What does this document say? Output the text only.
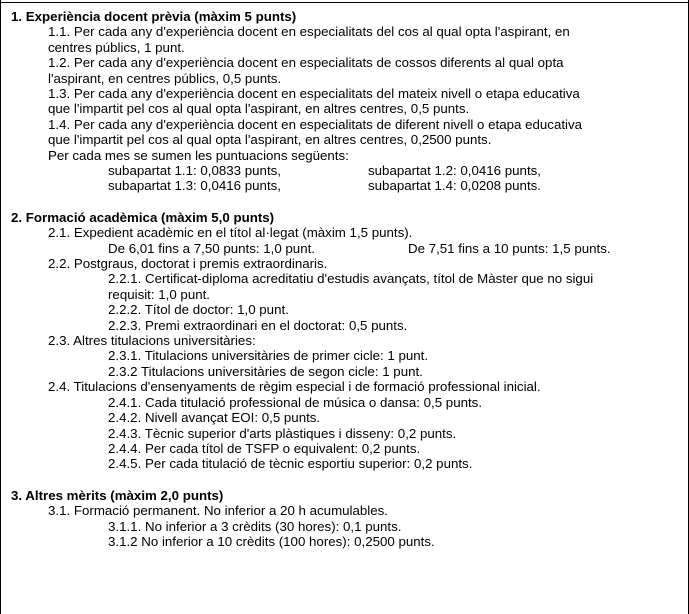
1. Experiència docent prèvia (màxim 5 punts)
1.1. Per cada any d'experiència docent en especialitats del cos al qual opta l'aspirant, en
centres públics, 1 punt.
1.2. Per cada any d'experiència docent en especialitats de cossos diferents al qual opta
l'aspirant, en centres públics, 0,5 punts.
1.3. Per cada any d'experiència docent en especialitats del mateix nivell o etapa educativa
que l'impartit pel cos al qual opta l'aspirant, en altres centres, 0,5 punts.
1.4. Per cada any d'experiència docent en especialitats de diferent nivell o etapa educativa
que l'impartit pel cos al qual opta l'aspirant, en altres centres, 0,2500 punts.
Per cada mes se sumen les puntuacions següents:
subapartat 1.1: 0,0833 punts,	subapartat 1.2: 0,0416 punts,
subapartat 1.3: 0,0416 punts,	subapartat 1.4: 0,0208 punts.
2. Formació acadèmica (màxim 5,0 punts)
2.1. Expedient acadèmic en el títol al·legat (màxim 1,5 punts).
De 6,01 fins a 7,50 punts: 1,0 punt.	De 7,51 fins a 10 punts: 1,5 punts.
2.2. Postgraus, doctorat i premis extraordinaris.
2.2.1. Certificat-diploma acreditatiu d'estudis avançats, títol de Màster que no sigui
requisit: 1,0 punt.
2.2.2. Títol de doctor: 1,0 punt.
2.2.3. Premi extraordinari en el doctorat: 0,5 punts.
2.3. Altres titulacions universitàries:
2.3.1. Titulacions universitàries de primer cicle: 1 punt.
2.3.2 Titulacions universitàries de segon cicle: 1 punt.
2.4. Titulacions d'ensenyaments de règim especial i de formació professional inicial.
2.4.1. Cada titulació professional de música o dansa: 0,5 punts.
2.4.2. Nivell avançat EOI: 0,5 punts.
2.4.3. Tècnic superior d'arts plàstiques i disseny: 0,2 punts.
2.4.4. Per cada títol de TSFP o equivalent: 0,2 punts.
2.4.5. Per cada titulació de tècnic esportiu superior: 0,2 punts.
3. Altres mèrits (màxim 2,0 punts)
3.1. Formació permanent. No inferior a 20 h acumulables.
3.1.1. No inferior a 3 crèdits (30 hores): 0,1 punts.
3.1.2 No inferior a 10 crèdits (100 hores): 0,2500 punts.
